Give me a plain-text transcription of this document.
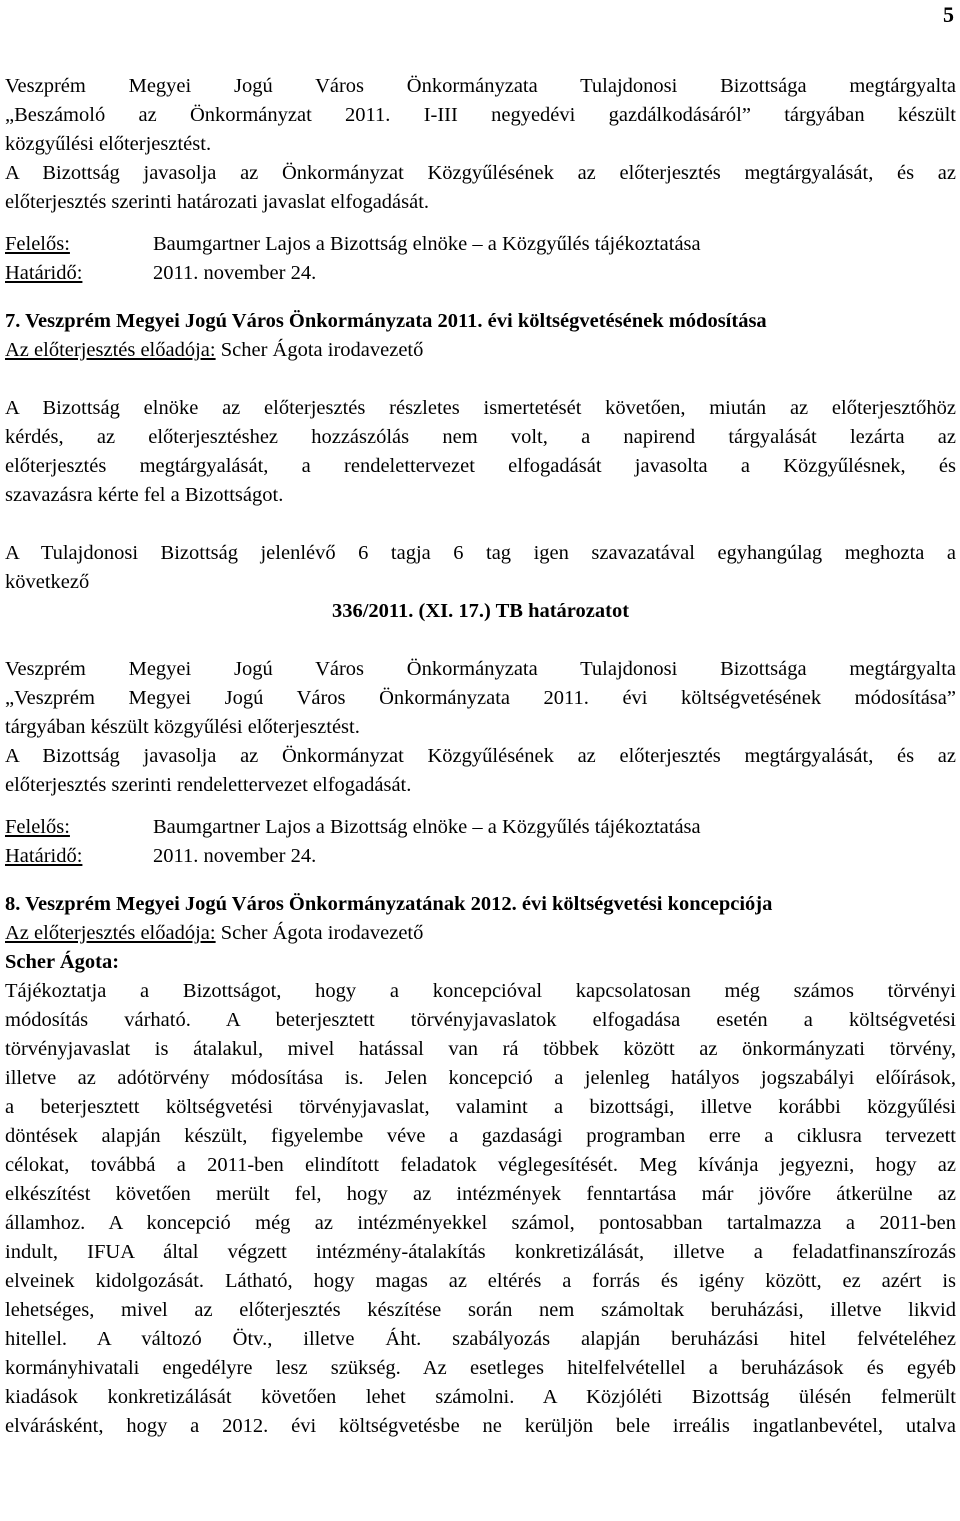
5

Veszprém Megyei Jogú Város Önkormányzata Tulajdonosi Bizottsága megtárgyalta

„Beszámoló az Önkormányzat 2011. I-III negyedévi gazdálkodásáról” tárgyában készült

közgyűlési előterjesztést.

A Bizottság javasolja az Önkormányzat Közgyűlésének az előterjesztés megtárgyalását, és az

előterjesztés szerinti határozati javaslat elfogadását.

Felelős:	Baumgartner Lajos a Bizottság elnöke – a Közgyűlés tájékoztatása
Határidő:	2011. november 24.

7. Veszprém Megyei Jogú Város Önkormányzata 2011. évi költségvetésének módosítása

Az előterjesztés előadója: Scher Ágota irodavezető

A Bizottság elnöke az előterjesztés részletes ismertetését követően, miután az előterjesztőhöz

kérdés, az előterjesztéshez hozzászólás nem volt, a napirend tárgyalását lezárta az

előterjesztés megtárgyalását, a rendelettervezet elfogadását javasolta a Közgyűlésnek, és

szavazásra kérte fel a Bizottságot.

A Tulajdonosi Bizottság jelenlévő 6 tagja 6 tag igen szavazatával egyhangúlag meghozta a

következő

336/2011. (XI. 17.) TB határozatot

Veszprém Megyei Jogú Város Önkormányzata Tulajdonosi Bizottsága megtárgyalta

„Veszprém Megyei Jogú Város Önkormányzata 2011. évi költségvetésének módosítása”

tárgyában készült közgyűlési előterjesztést.

A Bizottság javasolja az Önkormányzat Közgyűlésének az előterjesztés megtárgyalását, és az

előterjesztés szerinti rendelettervezet elfogadását.

Felelős:	Baumgartner Lajos a Bizottság elnöke – a Közgyűlés tájékoztatása
Határidő:	2011. november 24.

8. Veszprém Megyei Jogú Város Önkormányzatának 2012. évi költségvetési koncepciója

Az előterjesztés előadója: Scher Ágota irodavezető

Scher Ágota:

Tájékoztatja a Bizottságot, hogy a koncepcióval kapcsolatosan még számos törvényi

módosítás várható. A beterjesztett törvényjavaslatok elfogadása esetén a költségvetési

törvényjavaslat is átalakul, mivel hatással van rá többek között az önkormányzati törvény,

illetve az adótörvény módosítása is. Jelen koncepció a jelenleg hatályos jogszabályi előírások,

a beterjesztett költségvetési törvényjavaslat, valamint a bizottsági, illetve korábbi közgyűlési

döntések alapján készült, figyelembe véve a gazdasági programban erre a ciklusra tervezett

célokat, továbbá a 2011-ben elindított feladatok véglegesítését. Meg kívánja jegyezni, hogy az

elkészítést követően merült fel, hogy az intézmények fenntartása már jövőre átkerülne az

államhoz. A koncepció még az intézményekkel számol, pontosabban tartalmazza a 2011-ben

indult, IFUA által végzett intézmény-átalakítás konkretizálását, illetve a feladatfinanszírozás

elveinek kidolgozását. Látható, hogy magas az eltérés a forrás és igény között, ez azért is

lehetséges, mivel az előterjesztés készítése során nem számoltak beruházási, illetve likvid

hitellel. A változó Ötv., illetve Áht. szabályozás alapján beruházási hitel felvételéhez

kormányhivatali engedélyre lesz szükség. Az esetleges hitelfelvétellel a beruházások és egyéb

kiadások konkretizálását követően lehet számolni. A Közjóléti Bizottság ülésén felmerült

elvárásként, hogy a 2012. évi költségvetésbe ne kerüljön bele irreális ingatlanbevétel, utalva
